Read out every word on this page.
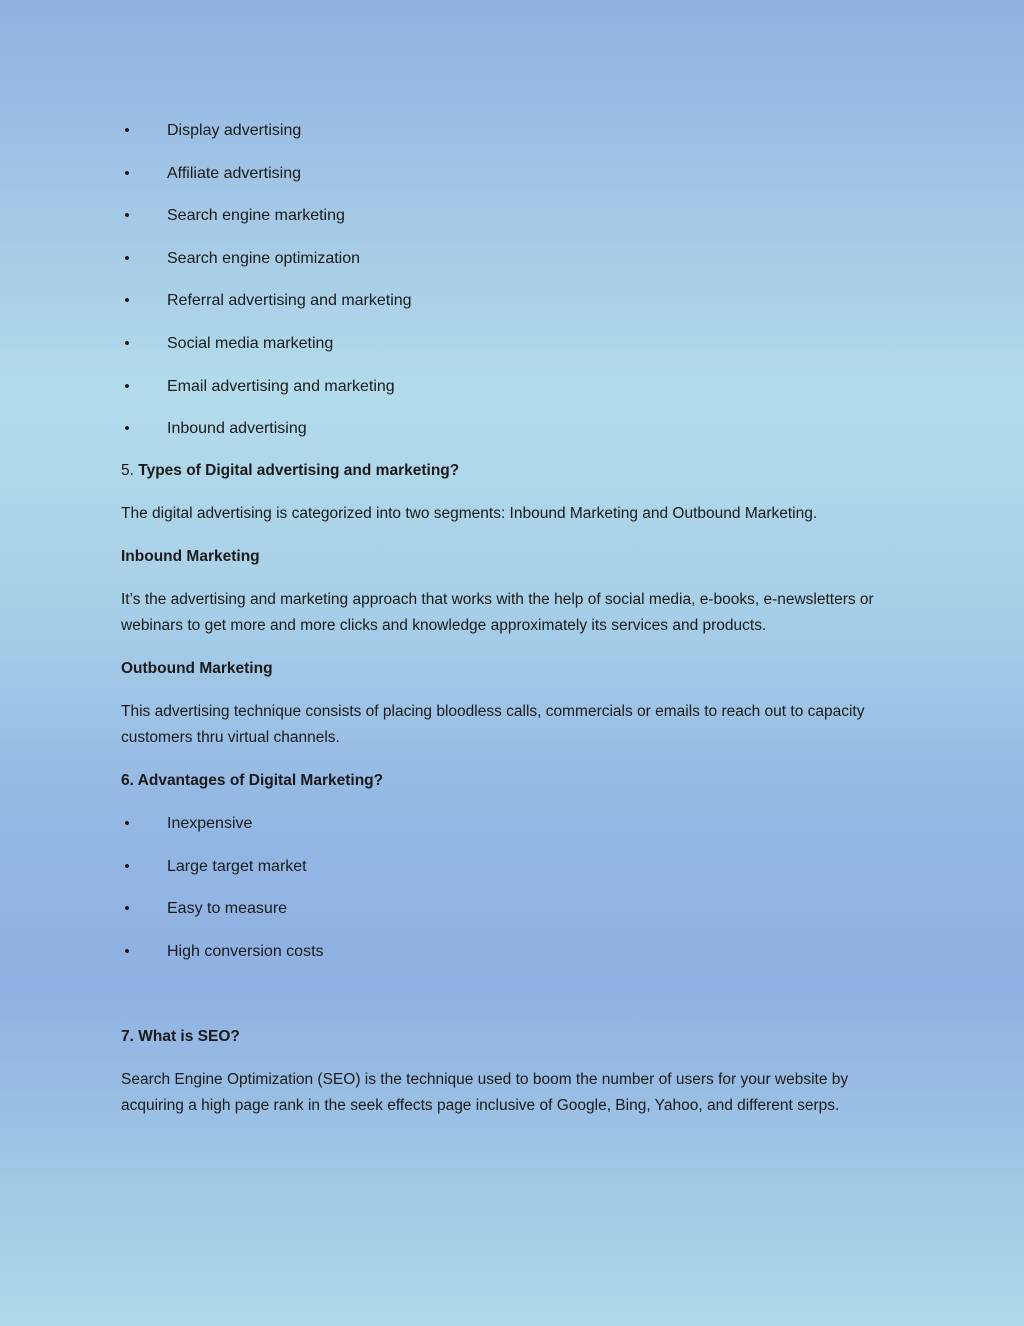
• Display advertising
• Affiliate advertising
• Search engine marketing
• Search engine optimization
• Referral advertising and marketing
• Social media marketing
• Email advertising and marketing
• Inbound advertising

5. Types of Digital advertising and marketing?

The digital advertising is categorized into two segments: Inbound Marketing and Outbound Marketing.

Inbound Marketing

It’s the advertising and marketing approach that works with the help of social media, e-books, e-newsletters or webinars to get more and more clicks and knowledge approximately its services and products.

Outbound Marketing

This advertising technique consists of placing bloodless calls, commercials or emails to reach out to capacity customers thru virtual channels.

6. Advantages of Digital Marketing?

• Inexpensive
• Large target market
• Easy to measure
• High conversion costs

7. What is SEO?

Search Engine Optimization (SEO) is the technique used to boom the number of users for your website by acquiring a high page rank in the seek effects page inclusive of Google, Bing, Yahoo, and different serps.
